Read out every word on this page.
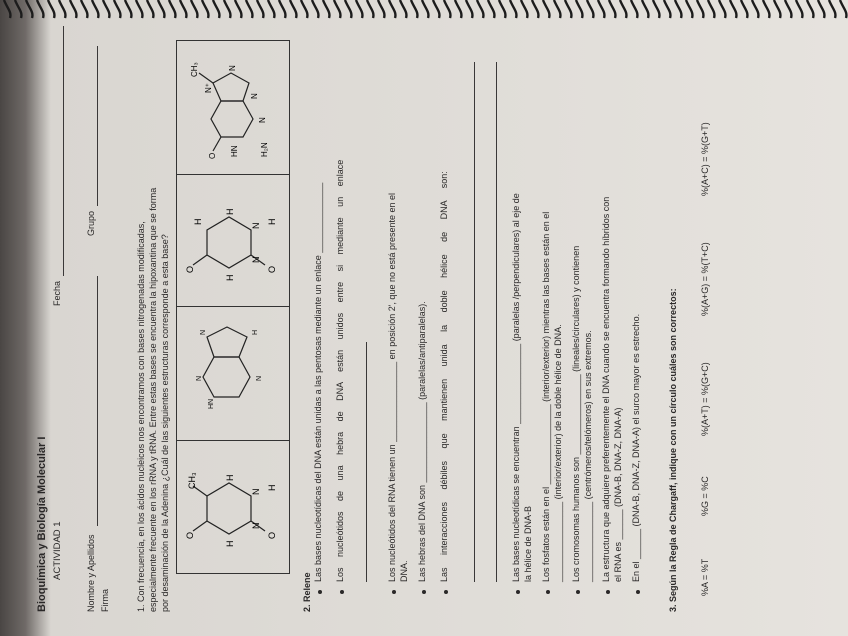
Bioquímica y Biología Molecular I ACTIVIDAD 1
Fecha
Nombre y Apellidos
Grupo
Firma	1. Con frecuencia, en los ácidos nucleicos nos encontramos con bases nitrogenadas modificadas, especialmente frecuente en los rRNA y tRNA. Entre estas bases se encuentra la hipoxantina que se forma por desaminación de la Adenina ¿Cuál de las siguientes estructuras corresponde a esta base? O
CH₃
H
N
N
O
H
H
HN
N	N
N	H
O
H
H
N
N
O
H
H
CH₃
N⁺
O HN
N
N
H₂N
N
2. Relene
Las bases nucleotídicas del DNA están unidas a las pentosas mediante un enlace ______________ Los nucleótidos de una hebra de DNA están unidos entre si mediante un enlace	Los nucleótidos del RNA tienen un ________________ en posición 2', que no está presente en el DNA. Las hebras del DNA son ________________ (paralelas/antiparalelas). Las interacciones débiles que mantienen unida la doble hélice de DNA son:	Las bases nucleotídicas se encuentran ________________ (paralelas /perpendiculares) al eje de la hélice de DNA-B Los fosfatos están en el ________________ (interior/exterior) mientras las bases están en el ________________ (interior/exterior) de la doble hélice de DNA. Los cromosomas humanos son ________________ (lineales/circulares) y contienen ________________ (centrómeros/telómeros) en sus extremos. La estructura que adquiere preferentemente el DNA cuando se encuentra formando híbridos con el RNA es ______ (DNA-B, DNA-Z, DNA-A) En el ______ (DNA-B, DNA-Z, DNA-A) el surco mayor es estrecho.	3. Según la Regla de Chargaff, indique con un círculo cuáles son correctos: %A = %T
%G = %C
%(A+T) = %(G+C)
%(A+G) = %(T+C)
%(A+C) = %(G+T)
